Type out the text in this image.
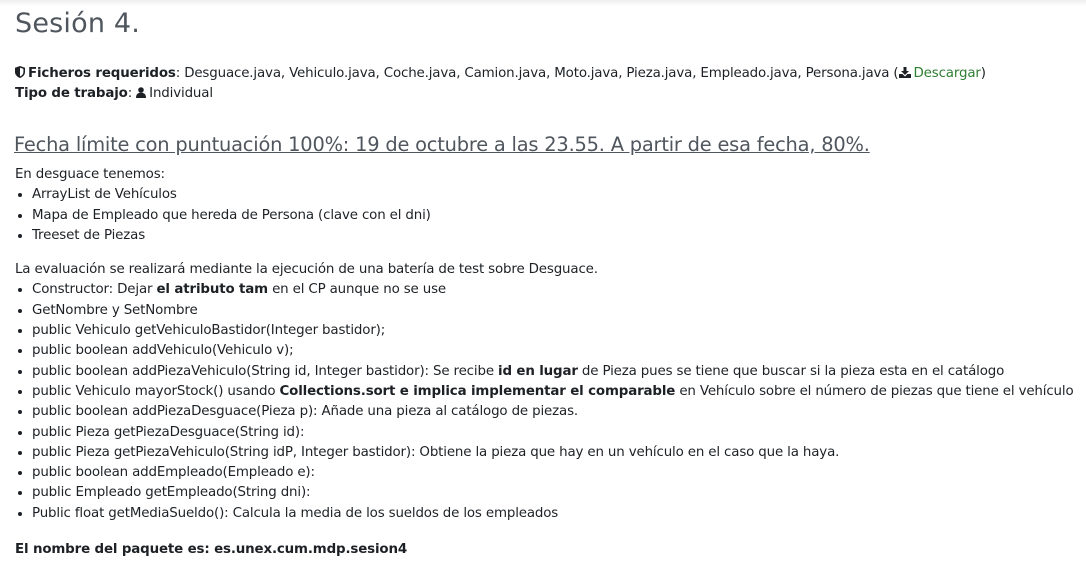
Sesión 4.
Ficheros requeridos: Desguace.java, Vehiculo.java, Coche.java, Camion.java, Moto.java, Pieza.java, Empleado.java, Persona.java ( Descargar)
Tipo de trabajo: Individual
Fecha límite con puntuación 100%: 19 de octubre a las 23.55. A partir de esa fecha, 80%.

En desguace tenemos:

• ArrayList de Vehículos
• Mapa de Empleado que hereda de Persona (clave con el dni)
• Treeset de Piezas

La evaluación se realizará mediante la ejecución de una batería de test sobre Desguace.

• Constructor: Dejar el atributo tam en el CP aunque no se use
• GetNombre y SetNombre
• public Vehiculo getVehiculoBastidor(Integer bastidor);
• public boolean addVehiculo(Vehiculo v);
• public boolean addPiezaVehiculo(String id, Integer bastidor): Se recibe id en lugar de Pieza pues se tiene que buscar si la pieza esta en el catálogo
• public Vehiculo mayorStock() usando Collections.sort e implica implementar el comparable en Vehículo sobre el número de piezas que tiene el vehículo
• public boolean addPiezaDesguace(Pieza p): Añade una pieza al catálogo de piezas.
• public Pieza getPiezaDesguace(String id):
• public Pieza getPiezaVehiculo(String idP, Integer bastidor): Obtiene la pieza que hay en un vehículo en el caso que la haya.
• public boolean addEmpleado(Empleado e):
• public Empleado getEmpleado(String dni):
• Public float getMediaSueldo(): Calcula la media de los sueldos de los empleados

El nombre del paquete es: es.unex.cum.mdp.sesion4
